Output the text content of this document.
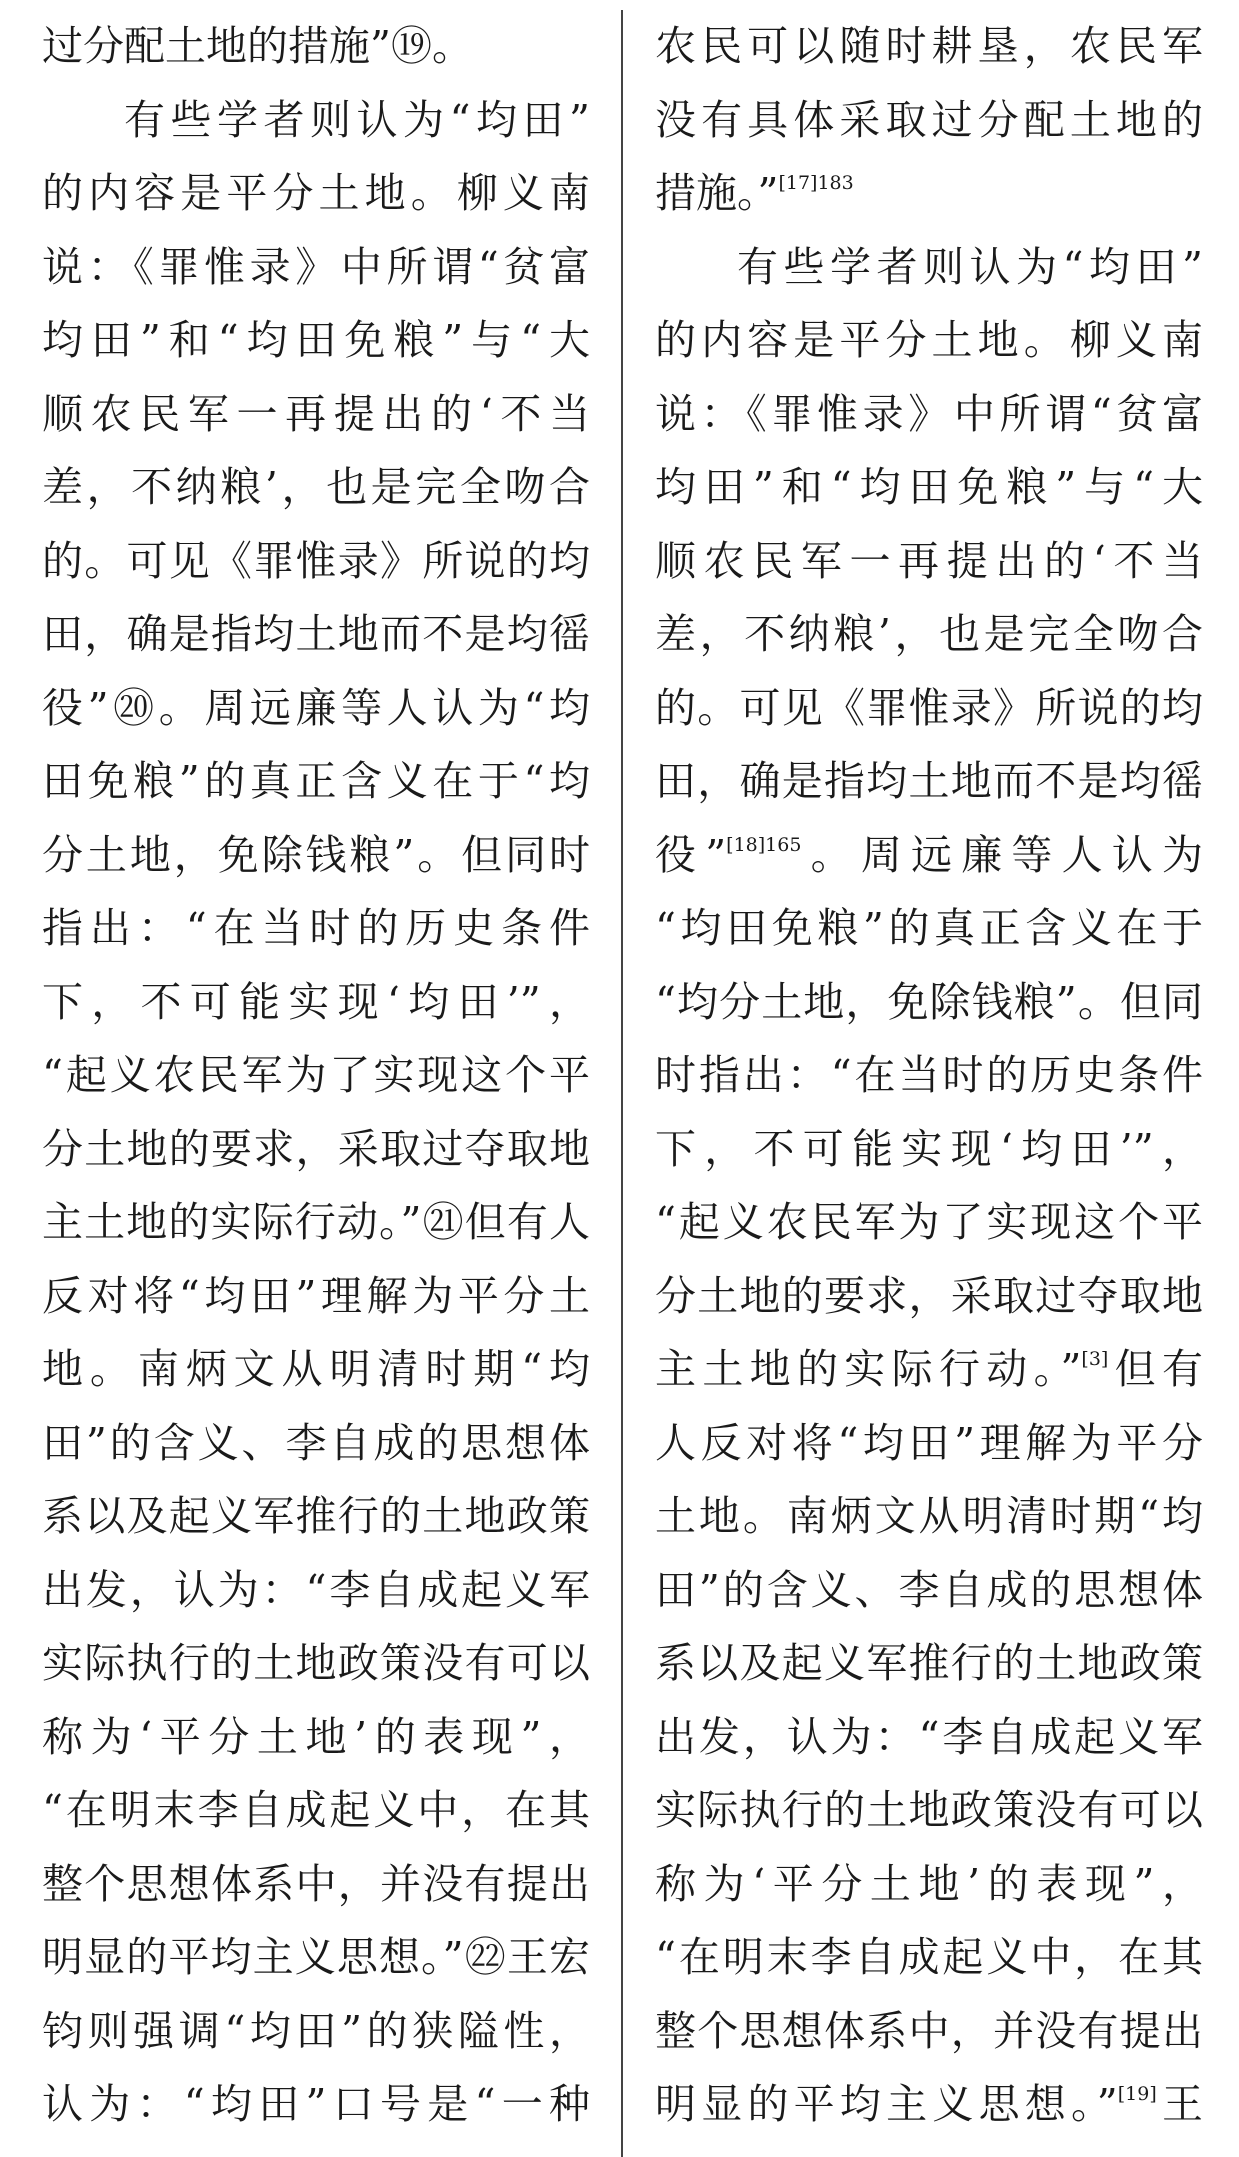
过分配土地的措施”⑲。
有些学者则认为“均田”
的内容是平分土地。柳义南
说：《罪惟录》中所谓“贫富
均田”和“均田免粮”与“大
顺农民军一再提出的‘不当
差，不纳粮’，也是完全吻合
的。可见《罪惟录》所说的均
田，确是指均土地而不是均徭
役”⑳。周远廉等人认为“均
田免粮”的真正含义在于“均
分土地，免除钱粮”。但同时
指出：“在当时的历史条件
下，不可能实现‘均田’”，
“起义农民军为了实现这个平
分土地的要求，采取过夺取地
主土地的实际行动。”㉑但有人
反对将“均田”理解为平分土
地。南炳文从明清时期“均
田”的含义、李自成的思想体
系以及起义军推行的土地政策
出发，认为：“李自成起义军
实际执行的土地政策没有可以
称为‘平分土地’的表现”，
“在明末李自成起义中，在其
整个思想体系中，并没有提出
明显的平均主义思想。”㉒王宏
钧则强调“均田”的狭隘性，
认为：“均田”口号是“一种
农民可以随时耕垦，农民军
没有具体采取过分配土地的
措施。”$^{[17]183}$
有些学者则认为“均田”
的内容是平分土地。柳义南
说：《罪惟录》中所谓“贫富
均田”和“均田免粮”与“大
顺农民军一再提出的‘不当
差，不纳粮’，也是完全吻合
的。可见《罪惟录》所说的均
田，确是指均土地而不是均徭
役”$^{[18]165}$。周远廉等人认为
“均田免粮”的真正含义在于
“均分土地，免除钱粮”。但同
时指出：“在当时的历史条件
下，不可能实现‘均田’”，
“起义农民军为了实现这个平
分土地的要求，采取过夺取地
主土地的实际行动。”[3]但有
人反对将“均田”理解为平分
土地。南炳文从明清时期“均
田”的含义、李自成的思想体
系以及起义军推行的土地政策
出发，认为：“李自成起义军
实际执行的土地政策没有可以
称为‘平分土地’的表现”，
“在明末李自成起义中，在其
整个思想体系中，并没有提出
明显的平均主义思想。”[19]王
